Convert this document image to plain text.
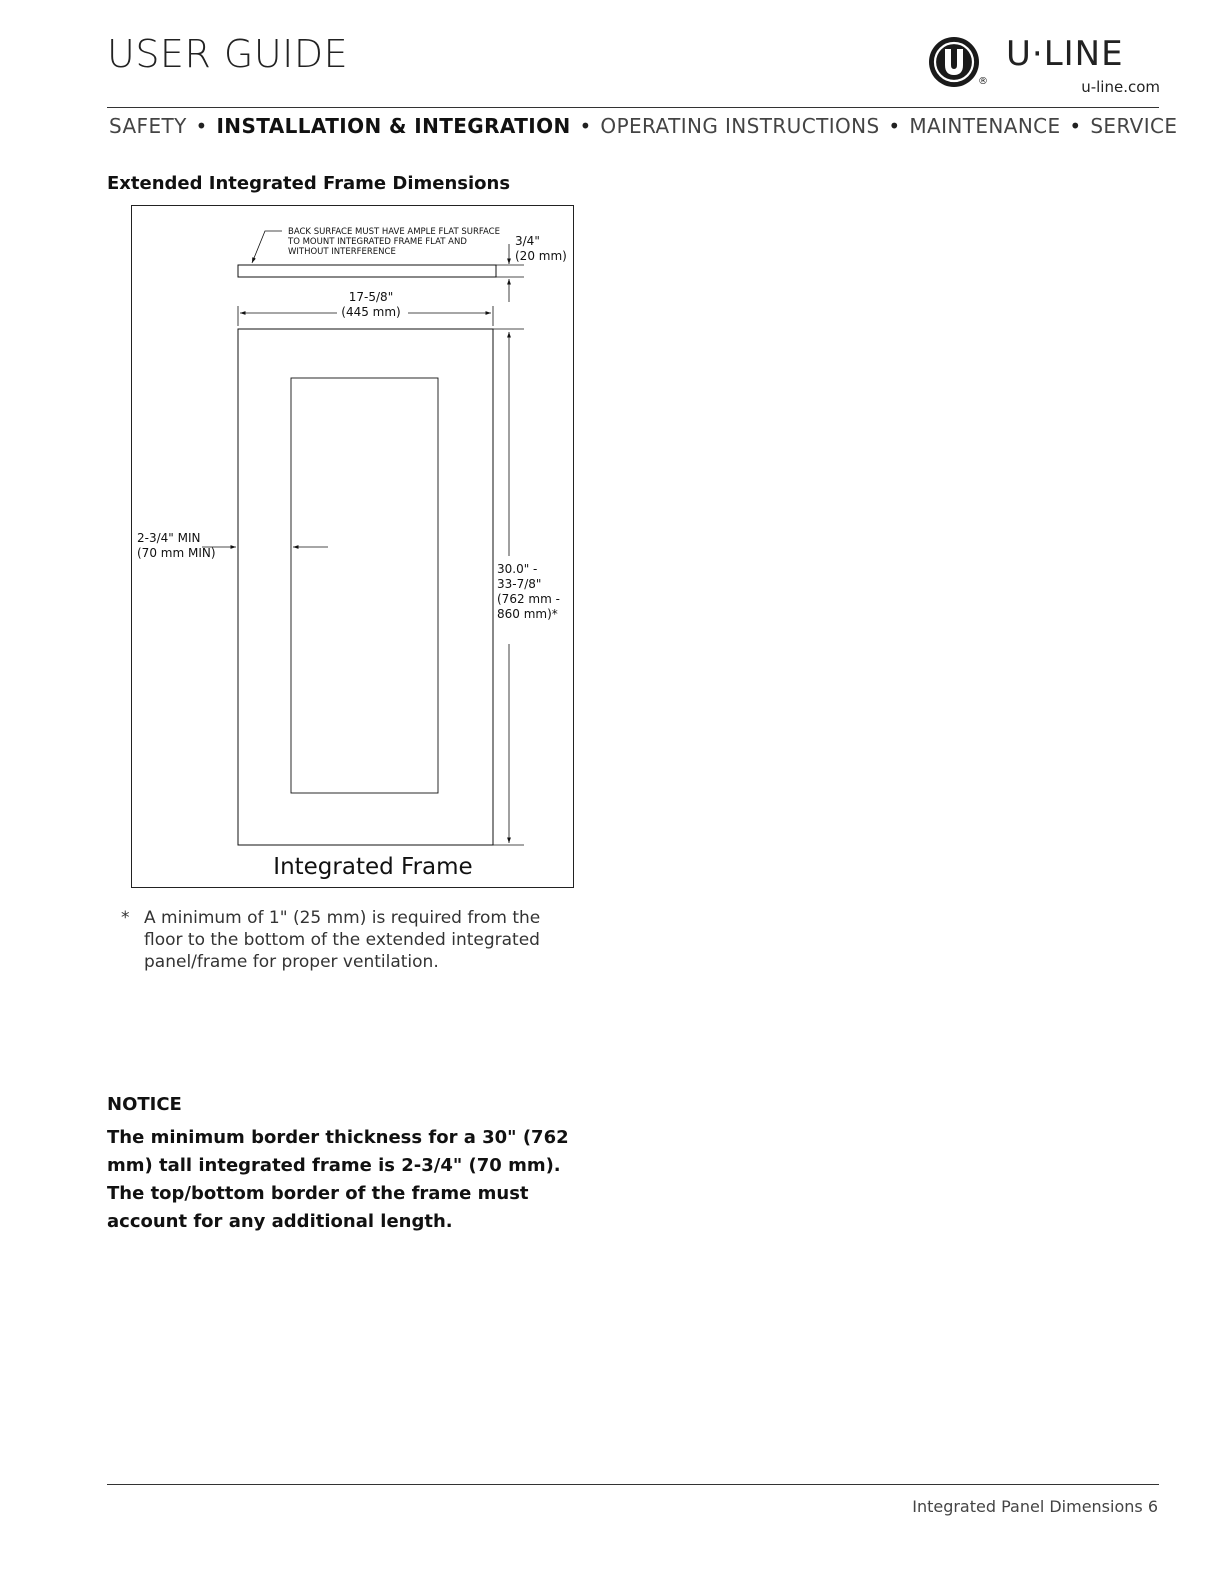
USER GUIDE
®
U·LINE
u-line.com
SAFETY • INSTALLATION & INTEGRATION • OPERATING INSTRUCTIONS • MAINTENANCE • SERVICE
Extended Integrated Frame Dimensions
BACK SURFACE MUST HAVE AMPLE FLAT SURFACE
TO MOUNT INTEGRATED FRAME FLAT AND
WITHOUT INTERFERENCE
3/4"
(20 mm)
17-5/8"
(445 mm)
30.0" -
33-7/8"
(762 mm -
860 mm)*
2-3/4" MIN
(70 mm MIN)
Integrated Frame
* A minimum of 1" (25 mm) is required from the floor to the bottom of the extended integrated panel/frame for proper ventilation.
NOTICE
The minimum border thickness for a 30" (762 mm) tall integrated frame is 2-3/4" (70 mm). The top/bottom border of the frame must account for any additional length.
Integrated Panel Dimensions 6
